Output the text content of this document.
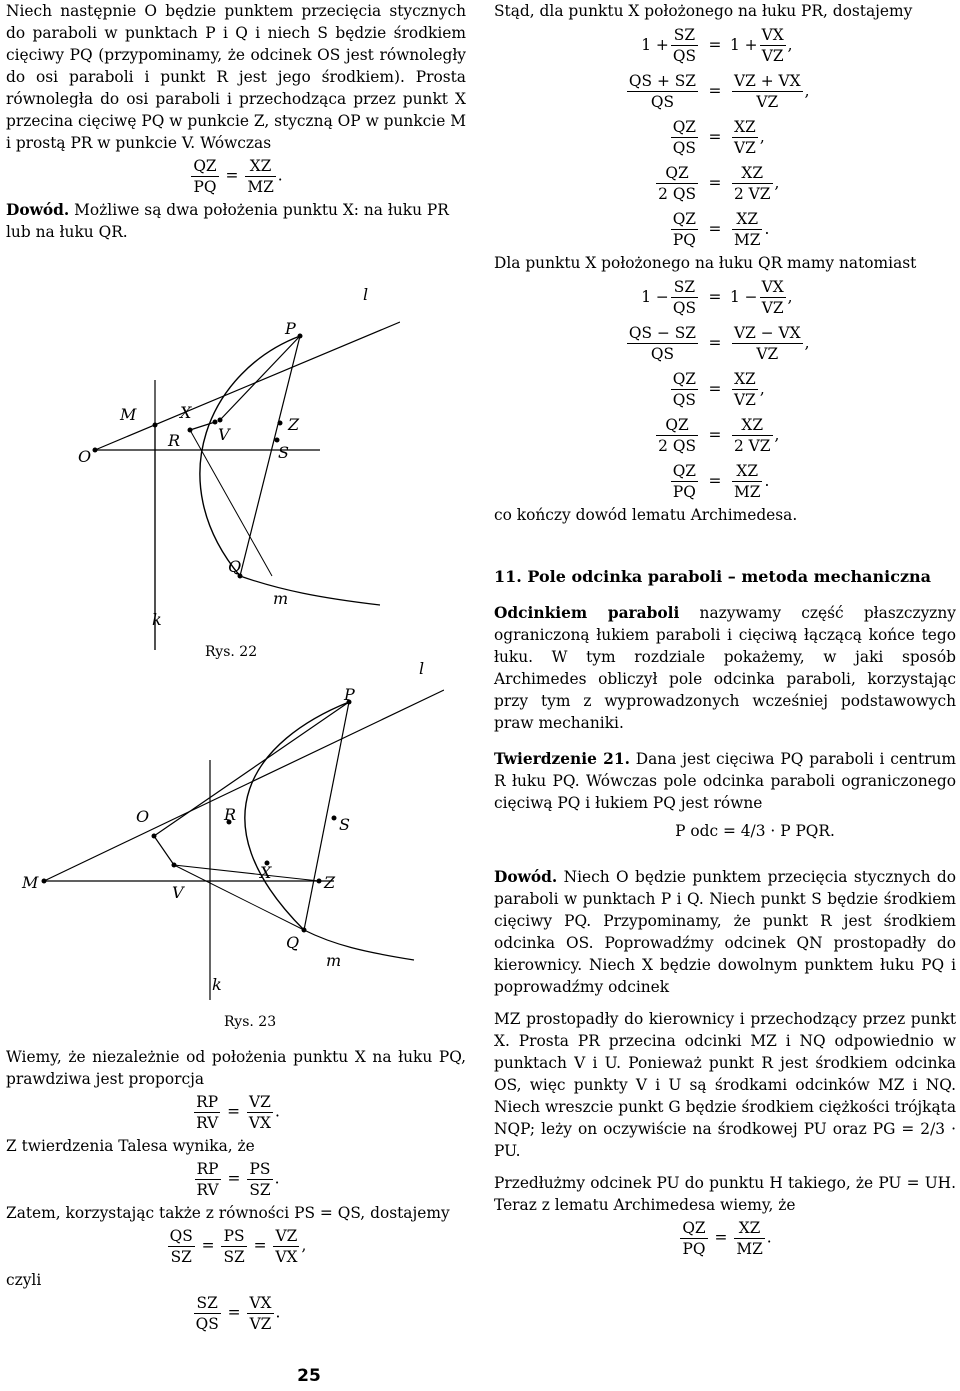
Niech następnie O będzie punktem przecięcia stycznych do paraboli w punktach P i Q i niech S będzie środkiem cięciwy PQ (przypominamy, że odcinek OS jest równoległy do osi paraboli i punkt R jest jego środkiem). Prosta równoległa do osi paraboli i przechodząca przez punkt X przecina cięciwę PQ w punkcie Z, styczną OP w punkcie M i prostą PR w punkcie V. Wówczas

$\frac{QZ}{PQ} = \frac{XZ}{MZ}$ .

Dowód. Możliwe są dwa położenia punktu X: na łuku PR lub na łuku QR.

O
M	X
R V
P
Z
S
Q
l
k
m
Rys. 22
M
O
V
R
X
P
S
Z
Q
l
k
m
Rys. 23

Wiemy, że niezależnie od położenia punktu X na łuku PQ, prawdziwa jest proporcja

$\frac{RP}{RV} = \frac{VZ}{VX}$ .

Z twierdzenia Talesa wynika, że

$\frac{RP}{RV} = \frac{PS}{SZ}$ .

Zatem, korzystając także z równości PS = QS, dostajemy

$\frac{QS}{SZ} = \frac{PS}{SZ} = \frac{VZ}{VX}$ ,

czyli

$\frac{SZ}{QS} = \frac{VX}{VZ}$ .

Stąd, dla punktu X położonego na łuku PR, dostajemy

$1 + \frac{SZ}{QS} = 1 + \frac{VX}{VZ}$ ,
$\frac{QS + SZ}{QS} = \frac{VZ + VX}{VZ}$ ,
$\frac{QZ}{QS} = \frac{XZ}{VZ}$ ,
$\frac{QZ}{2 QS} = \frac{XZ}{2 VZ}$ ,
$\frac{QZ}{PQ} = \frac{XZ}{MZ}$ .

Dla punktu X położonego na łuku QR mamy natomiast

$1 - \frac{SZ}{QS} = 1 - \frac{VX}{VZ}$ ,
$\frac{QS - SZ}{QS} = \frac{VZ - VX}{VZ}$ ,
$\frac{QZ}{QS} = \frac{XZ}{VZ}$ ,
$\frac{QZ}{2 QS} = \frac{XZ}{2 VZ}$ ,
$\frac{QZ}{PQ} = \frac{XZ}{MZ}$ .

co kończy dowód lematu Archimedesa.

11. Pole odcinka paraboli – metoda mechaniczna

Odcinkiem paraboli nazywamy część płaszczyzny ograniczoną łukiem paraboli i cięciwą łączącą końce tego łuku. W tym rozdziale pokażemy, w jaki sposób Archimedes obliczył pole odcinka paraboli, korzystając przy tym z wyprowadzonych wcześniej podstawowych praw mechaniki.

Twierdzenie 21. Dana jest cięciwa PQ paraboli i centrum R łuku PQ. Wówczas pole odcinka paraboli ograniczonego cięciwą PQ i łukiem PQ jest równe

P odc = 4/3 · P PQR.

Dowód. Niech O będzie punktem przecięcia stycznych do paraboli w punktach P i Q. Niech punkt S będzie środkiem cięciwy PQ. Przypominamy, że punkt R jest środkiem odcinka OS. Poprowadźmy odcinek QN prostopadły do kierownicy. Niech X będzie dowolnym punktem łuku PQ i poprowadźmy odcinek

MZ prostopadły do kierownicy i przechodzący przez punkt X. Prosta PR przecina odcinki MZ i NQ odpowiednio w punktach V i U. Ponieważ punkt R jest środkiem odcinka OS, więc punkty V i U są środkami odcinków MZ i NQ. Niech wreszcie punkt G będzie środkiem ciężkości trójkąta NQP; leży on oczywiście na środkowej PU oraz PG = 2/3 · PU.

Przedłużmy odcinek PU do punktu H takiego, że PU = UH. Teraz z lematu Archimedesa wiemy, że

$\frac{QZ}{PQ} = \frac{XZ}{MZ}$ .
25
